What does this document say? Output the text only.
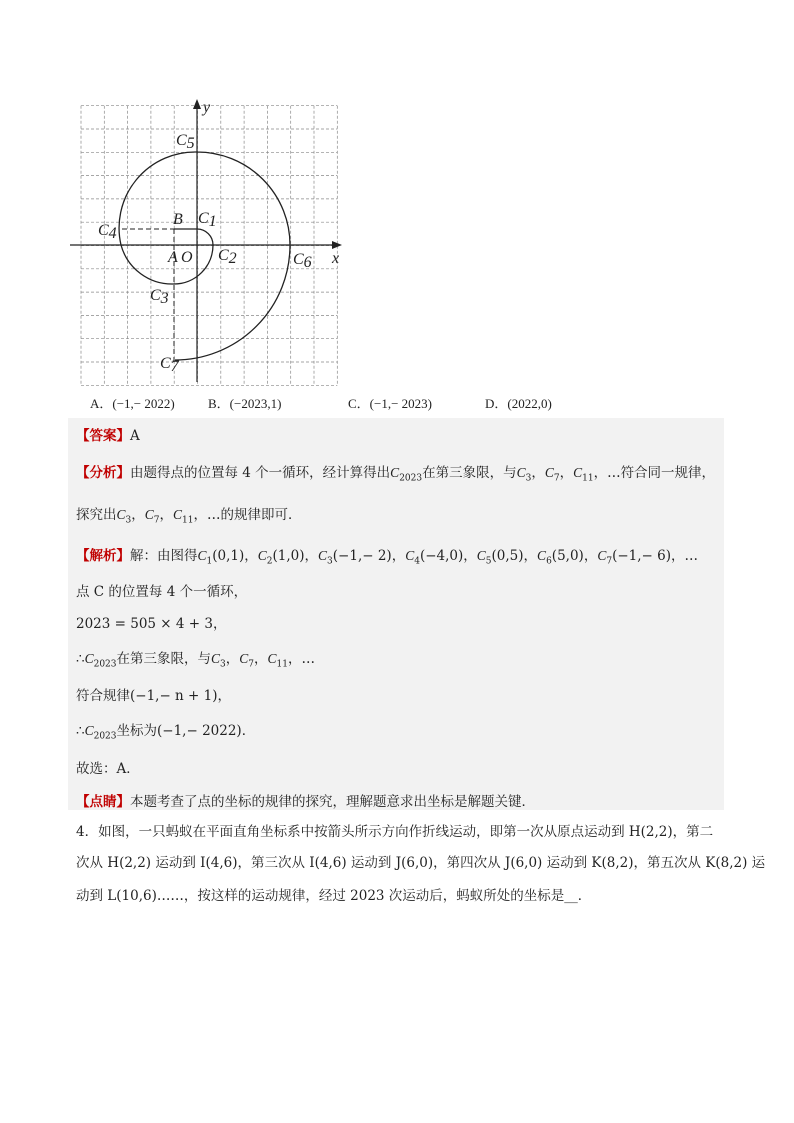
y
x
O
A
B C1
C2
C3
C4
C5
C6
C7
A．(−1,− 2022)	B．(−2023,1)	C．(−1,− 2023)	D．(2022,0)
【答案】A
【分析】由题得点的位置每 4 个一循环，经计算得出$C_{2023}$在第三象限，与$C_3$，$C_7$，$C_{11}$，…符合同一规律，
探究出$C_3$，$C_7$，$C_{11}$，…的规律即可．
【解析】解：由图得$C_1(0,1)$，$C_2(1,0)$，$C_3(-1,- 2)$，$C_4(-4,0)$，$C_5(0,5)$，$C_6(5,0)$，$C_7(-1,- 6)$，…
点 C 的位置每 4 个一循环，
2023 = 505 × 4 + 3，
$\therefore C_{2023}$在第三象限，与$C_3$，$C_7$，$C_{11}$，…
符合规律(−1,− n + 1)，
$\therefore C_{2023}$坐标为(−1,− 2022)．
故选：A．
【点睛】本题考查了点的坐标的规律的探究，理解题意求出坐标是解题关键．
4．如图，一只蚂蚁在平面直角坐标系中按箭头所示方向作折线运动，即第一次从原点运动到 H(2,2)，第二
次从 H(2,2) 运动到 I(4,6)，第三次从 I(4,6) 运动到 J(6,0)，第四次从 J(6,0) 运动到 K(8,2)，第五次从 K(8,2) 运
动到 L(10,6)……，按这样的运动规律，经过 2023 次运动后，蚂蚁所处的坐标是__．
